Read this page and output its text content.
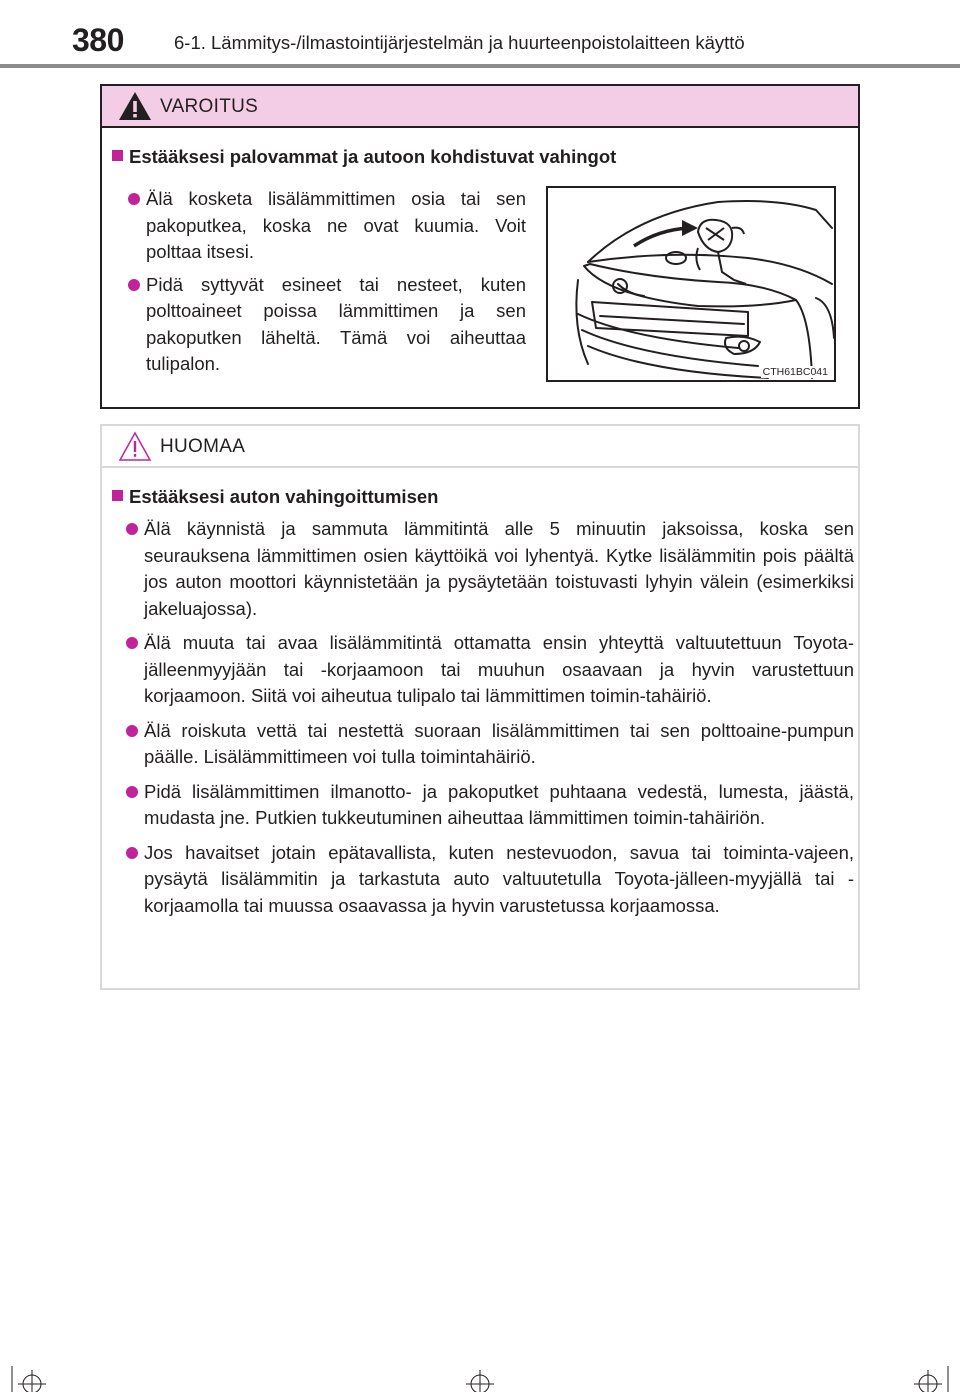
380	6-1. Lämmitys-/ilmastointijärjestelmän ja huurteenpoistolaitteen käyttö
VAROITUS
Estääksesi palovammat ja autoon kohdistuvat vahingot
Älä kosketa lisälämmittimen osia tai sen pakoputkea, koska ne ovat kuumia. Voit polttaa itsesi.
Pidä syttyvät esineet tai nesteet, kuten polttoaineet poissa lämmittimen ja sen pakoputken läheltä. Tämä voi aiheuttaa tulipalon.	CTH61BC041
HUOMAA
Estääksesi auton vahingoittumisen
Älä käynnistä ja sammuta lämmitintä alle 5 minuutin jaksoissa, koska sen seurauksena lämmittimen osien käyttöikä voi lyhentyä. Kytke lisälämmitin pois päältä jos auton moottori käynnistetään ja pysäytetään toistuvasti lyhyin välein (esimerkiksi jakeluajossa).
Älä muuta tai avaa lisälämmitintä ottamatta ensin yhteyttä valtuutettuun Toyota-jälleenmyyjään tai -korjaamoon tai muuhun osaavaan ja hyvin varustettuun korjaamoon. Siitä voi aiheutua tulipalo tai lämmittimen toimin-tahäiriö.
Älä roiskuta vettä tai nestettä suoraan lisälämmittimen tai sen polttoaine-pumpun päälle. Lisälämmittimeen voi tulla toimintahäiriö.
Pidä lisälämmittimen ilmanotto- ja pakoputket puhtaana vedestä, lumesta, jäästä, mudasta jne. Putkien tukkeutuminen aiheuttaa lämmittimen toimin-tahäiriön.
Jos havaitset jotain epätavallista, kuten nestevuodon, savua tai toiminta-vajeen, pysäytä lisälämmitin ja tarkastuta auto valtuutetulla Toyota-jälleen-myyjällä tai -korjaamolla tai muussa osaavassa ja hyvin varustetussa korjaamossa.
